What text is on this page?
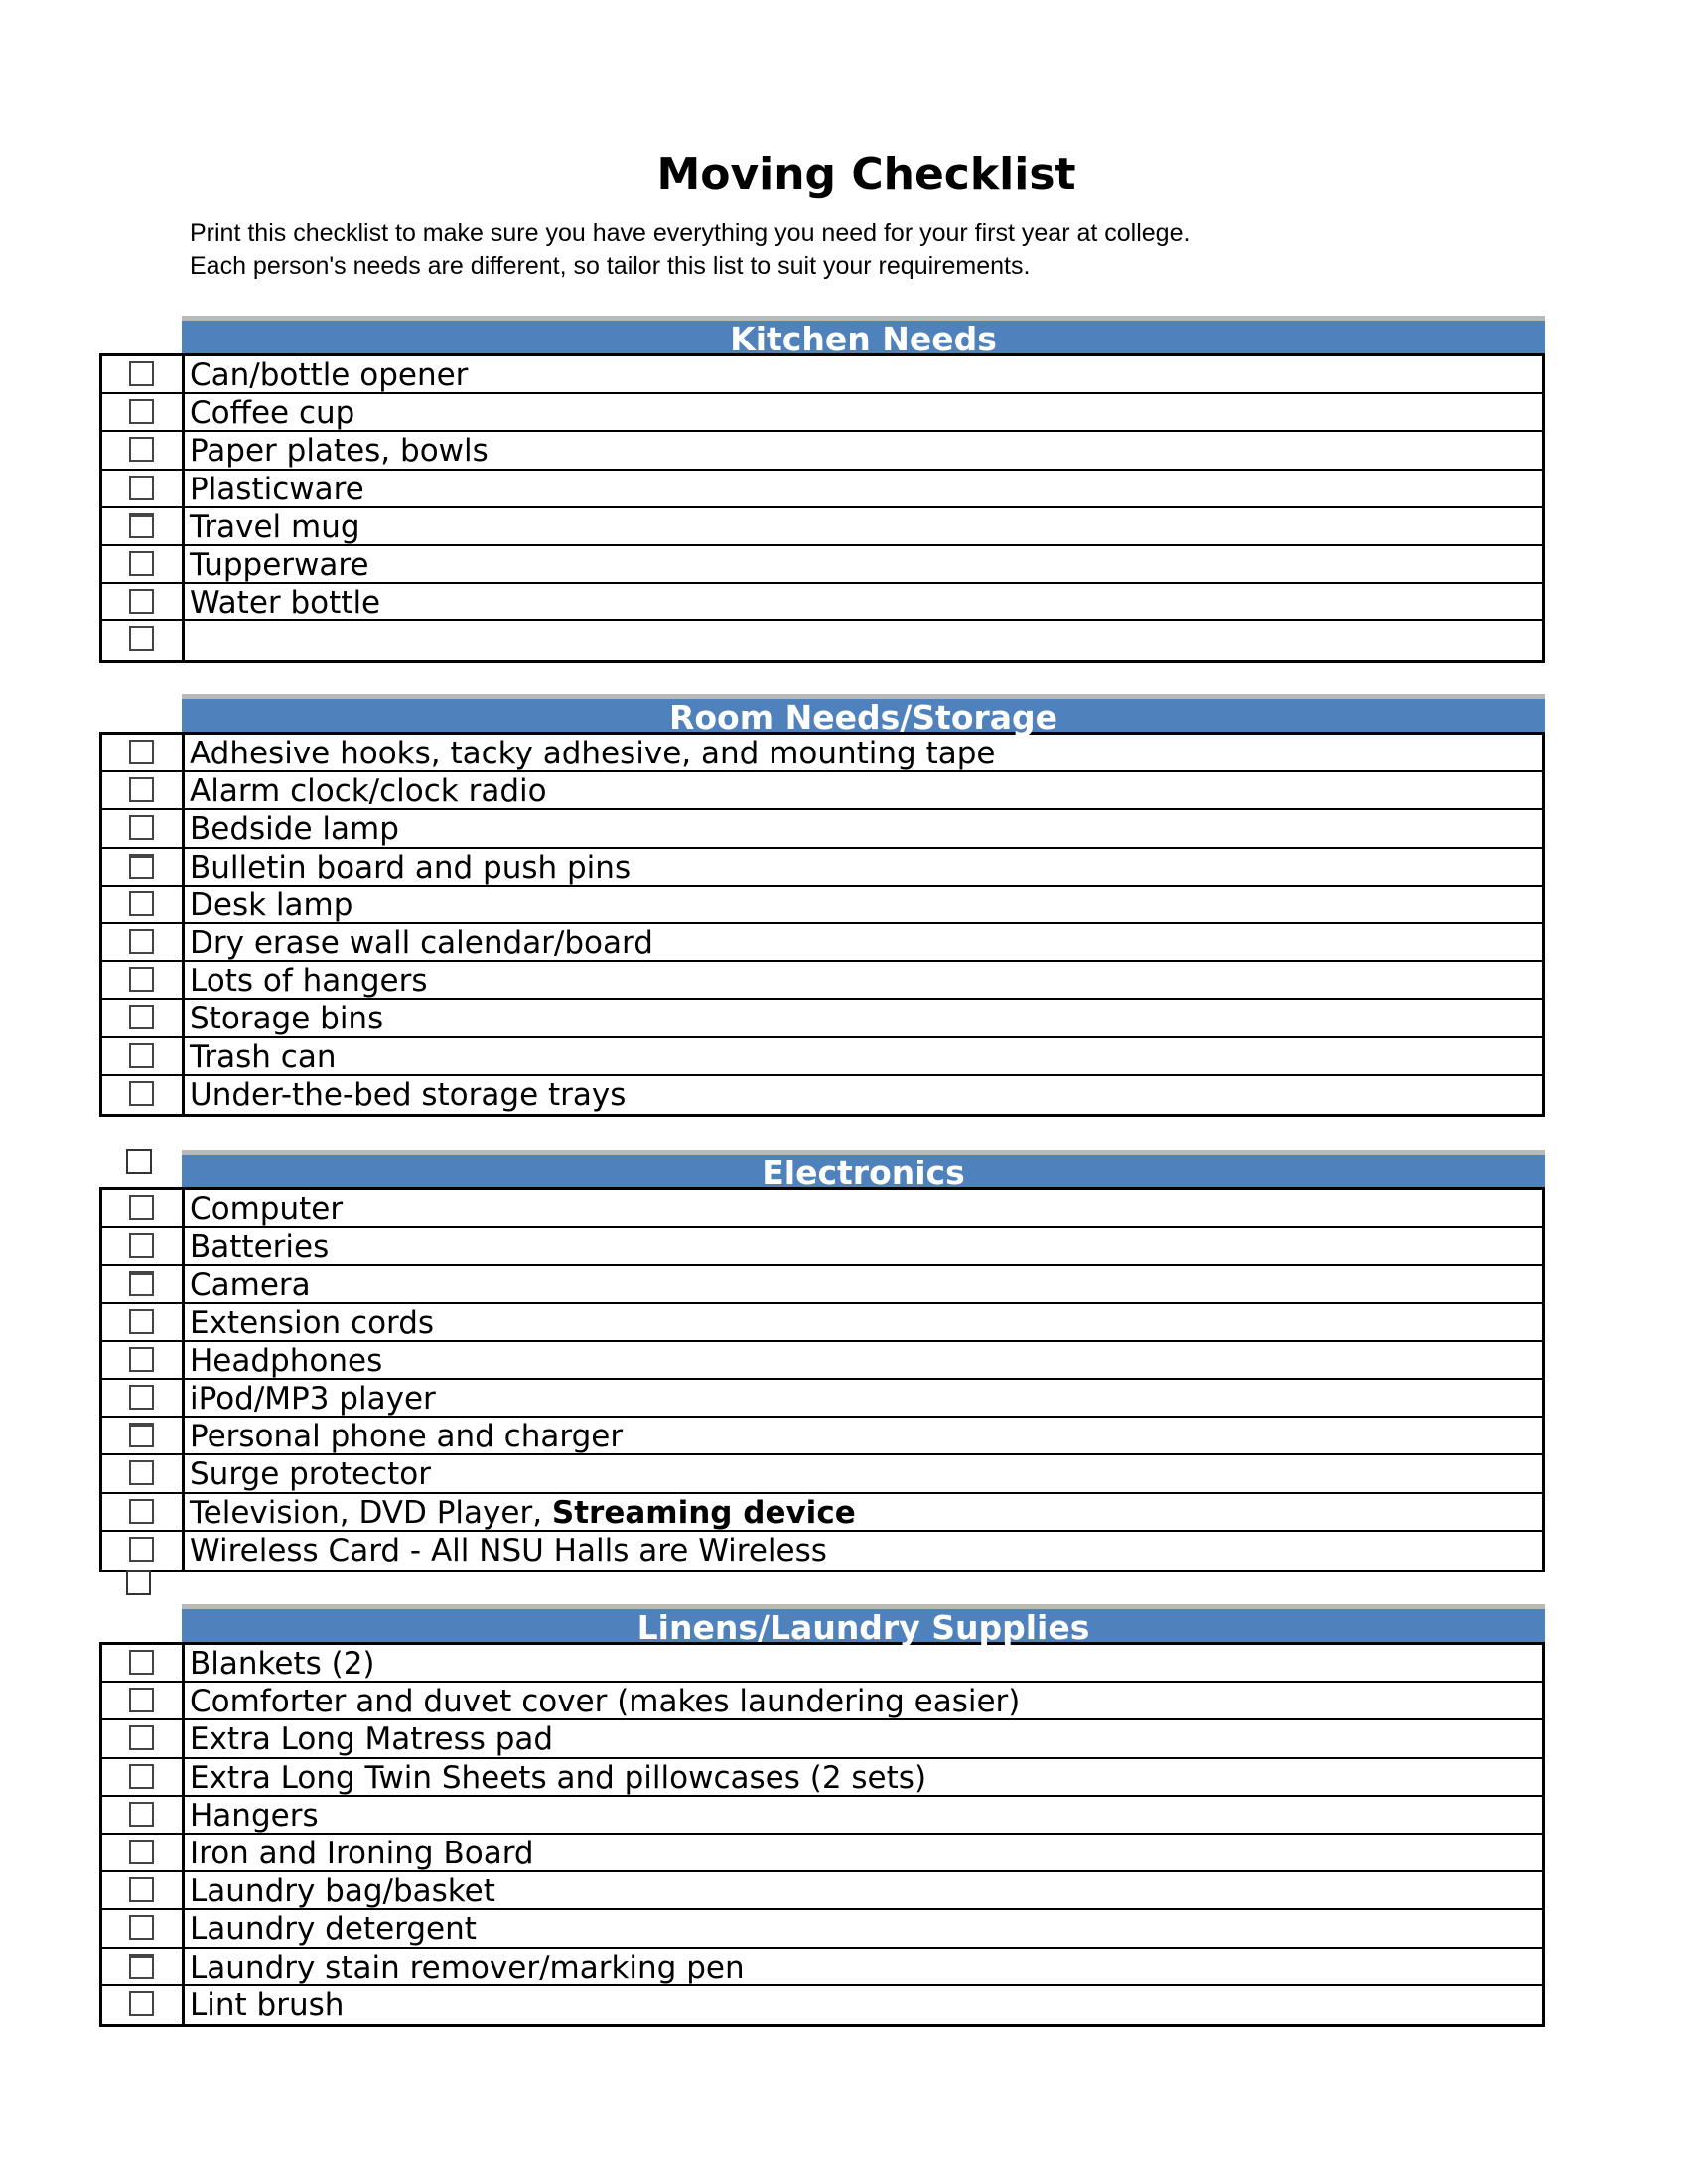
Moving Checklist
Print this checklist to make sure you have everything you need for your first year at college.
Each person's needs are different, so tailor this list to suit your requirements.
Kitchen Needs
Can/bottle opener
Coffee cup
Paper plates, bowls
Plasticware
Travel mug
Tupperware
Water bottle
Room Needs/Storage
Adhesive hooks, tacky adhesive, and mounting tape
Alarm clock/clock radio
Bedside lamp
Bulletin board and push pins
Desk lamp
Dry erase wall calendar/board
Lots of hangers
Storage bins
Trash can
Under-the-bed storage trays
Electronics
Computer
Batteries
Camera
Extension cords
Headphones
iPod/MP3 player
Personal phone and charger
Surge protector
Television, DVD Player, Streaming device
Wireless Card - All NSU Halls are Wireless
Linens/Laundry Supplies
Blankets (2)
Comforter and duvet cover (makes laundering easier)
Extra Long Matress pad
Extra Long Twin Sheets and pillowcases (2 sets)
Hangers
Iron and Ironing Board
Laundry bag/basket
Laundry detergent
Laundry stain remover/marking pen
Lint brush
